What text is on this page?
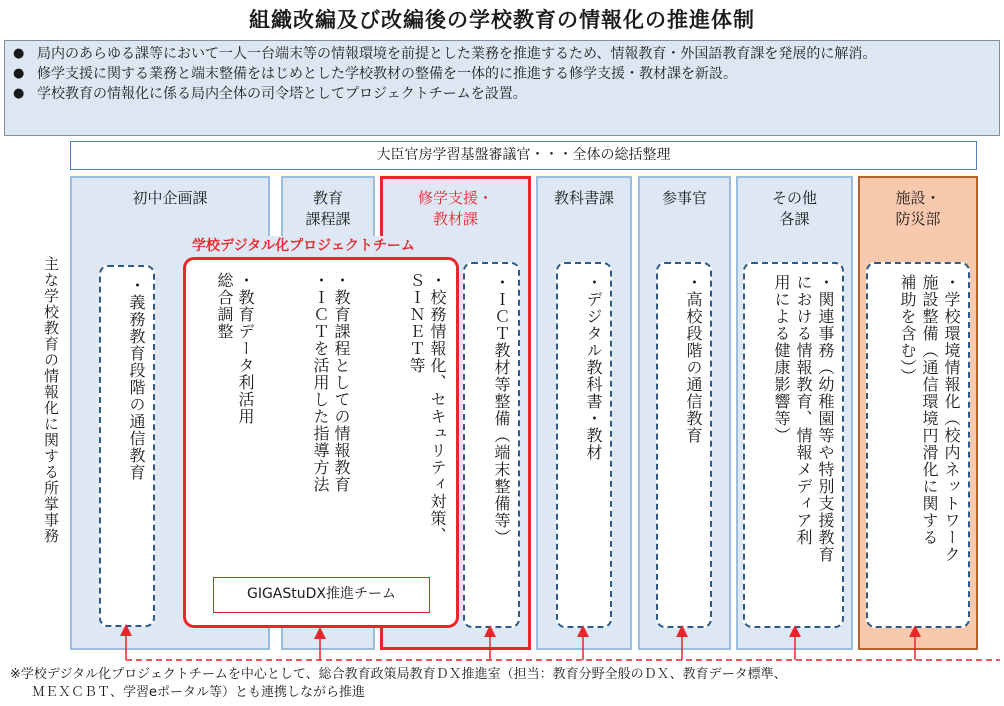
組織改編及び改編後の学校教育の情報化の推進体制
● 局内のあらゆる課等において一人一台端末等の情報環境を前提とした業務を推進するため、情報教育・外国語教育課を発展的に解消。
● 修学支援に関する業務と端末整備をはじめとした学校教材の整備を一体的に推進する修学支援・教材課を新設。
● 学校教育の情報化に係る局内全体の司令塔としてプロジェクトチームを設置。
大臣官房学習基盤審議官・・・全体の総括整理
主な学校教育の情報化に関する所掌事務
初中企画課	教育
課程課
修学支援・
教材課
教科書課	参事官	その他
各課
施設・
防災部
・義務教育段階の通信教育	・ＩＣＴ教材等整備（端末整備等）	・デジタル教科書・教材	・高校段階の通信教育	・関連事務（幼稚園等や特別支援教育
における情報教育、情報メディア利
用による健康影響等）	・学校環境情報化（校内ネットワーク
施設整備（通信環境円滑化に関する
補助を含む））
・教育データ利活用
総合調整	・教育課程としての情報教育
・ＩＣＴを活用した指導方法	・校務情報化、セキュリティ対策、
ＳＩＮＥＴ等
学校デジタル化プロジェクトチーム
GIGAStuDX推進チーム
※学校デジタル化プロジェクトチームを中心として、総合教育政策局教育ＤＸ推進室（担当：教育分野全般のＤＸ、教育データ標準、
ＭＥＸＣＢＴ、学習eポータル等）とも連携しながら推進
